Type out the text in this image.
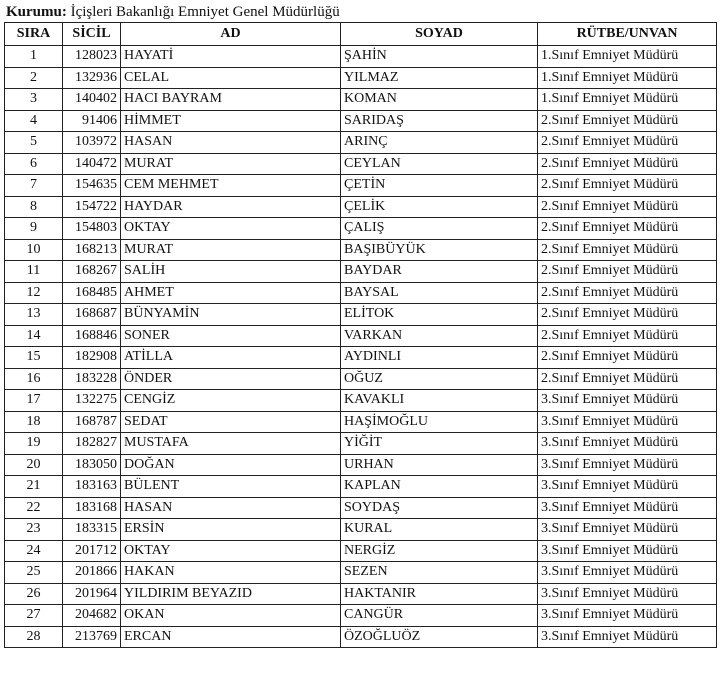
Kurumu: İçişleri Bakanlığı Emniyet Genel Müdürlüğü
SIRA	SİCİL	AD	SOYAD	RÜTBE/UNVAN
1	128023	HAYATİ	ŞAHİN	1.Sınıf Emniyet Müdürü
2	132936	CELAL	YILMAZ	1.Sınıf Emniyet Müdürü
3	140402	HACI BAYRAM	KOMAN	1.Sınıf Emniyet Müdürü
4	91406	HİMMET	SARIDAŞ	2.Sınıf Emniyet Müdürü
5	103972	HASAN	ARINÇ	2.Sınıf Emniyet Müdürü
6	140472	MURAT	CEYLAN	2.Sınıf Emniyet Müdürü
7	154635	CEM MEHMET	ÇETİN	2.Sınıf Emniyet Müdürü
8	154722	HAYDAR	ÇELİK	2.Sınıf Emniyet Müdürü
9	154803	OKTAY	ÇALIŞ	2.Sınıf Emniyet Müdürü
10	168213	MURAT	BAŞIBÜYÜK	2.Sınıf Emniyet Müdürü
11	168267	SALİH	BAYDAR	2.Sınıf Emniyet Müdürü
12	168485	AHMET	BAYSAL	2.Sınıf Emniyet Müdürü
13	168687	BÜNYAMİN	ELİTOK	2.Sınıf Emniyet Müdürü
14	168846	SONER	VARKAN	2.Sınıf Emniyet Müdürü
15	182908	ATİLLA	AYDINLI	2.Sınıf Emniyet Müdürü
16	183228	ÖNDER	OĞUZ	2.Sınıf Emniyet Müdürü
17	132275	CENGİZ	KAVAKLI	3.Sınıf Emniyet Müdürü
18	168787	SEDAT	HAŞİMOĞLU	3.Sınıf Emniyet Müdürü
19	182827	MUSTAFA	YİĞİT	3.Sınıf Emniyet Müdürü
20	183050	DOĞAN	URHAN	3.Sınıf Emniyet Müdürü
21	183163	BÜLENT	KAPLAN	3.Sınıf Emniyet Müdürü
22	183168	HASAN	SOYDAŞ	3.Sınıf Emniyet Müdürü
23	183315	ERSİN	KURAL	3.Sınıf Emniyet Müdürü
24	201712	OKTAY	NERGİZ	3.Sınıf Emniyet Müdürü
25	201866	HAKAN	SEZEN	3.Sınıf Emniyet Müdürü
26	201964	YILDIRIM BEYAZID	HAKTANIR	3.Sınıf Emniyet Müdürü
27	204682	OKAN	CANGÜR	3.Sınıf Emniyet Müdürü
28	213769	ERCAN	ÖZOĞLUÖZ	3.Sınıf Emniyet Müdürü
